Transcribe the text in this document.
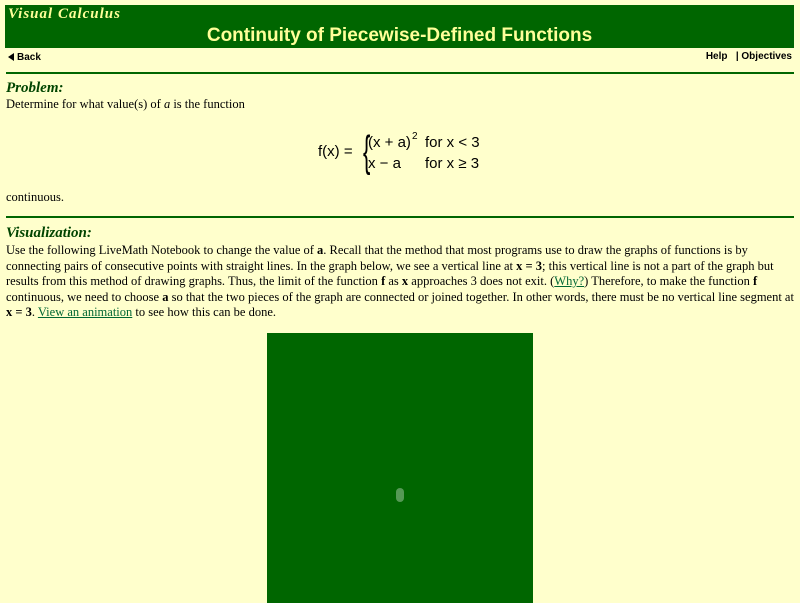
Visual Calculus
Continuity of Piecewise-Defined Functions
Back	Help | Objectives
Problem:
Determine for what value(s) of a is the function
f(x) = {
$(x + a)^2$ for x < 3
x − a for x ≥ 3
continuous.
Visualization:
Use the following LiveMath Notebook to change the value of a. Recall that the method that most programs use to draw the graphs of functions is by connecting pairs of consecutive points with straight lines. In the graph below, we see a vertical line at x = 3; this vertical line is not a part of the graph but results from this method of drawing graphs. Thus, the limit of the function f as x approaches 3 does not exit. (Why?) Therefore, to make the function f continuous, we need to choose a so that the two pieces of the graph are connected or joined together. In other words, there must be no vertical line segment at x = 3. View an animation to see how this can be done.
